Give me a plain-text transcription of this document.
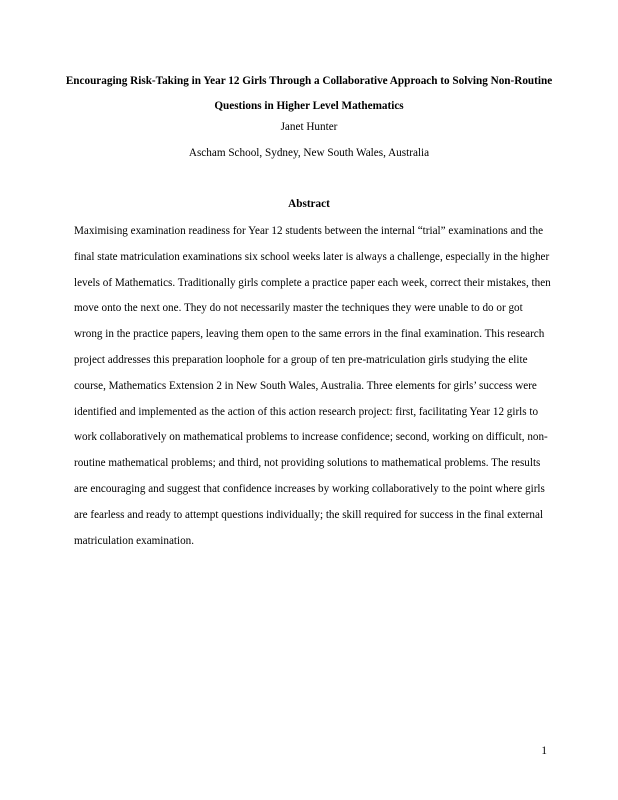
Encouraging Risk-Taking in Year 12 Girls Through a Collaborative Approach to Solving Non-Routine Questions in Higher Level Mathematics

Janet Hunter

Ascham School, Sydney, New South Wales, Australia

Abstract

Maximising examination readiness for Year 12 students between the internal “trial” examinations and the final state matriculation examinations six school weeks later is always a challenge, especially in the higher levels of Mathematics. Traditionally girls complete a practice paper each week, correct their mistakes, then move onto the next one. They do not necessarily master the techniques they were unable to do or got wrong in the practice papers, leaving them open to the same errors in the final examination. This research project addresses this preparation loophole for a group of ten pre-matriculation girls studying the elite course, Mathematics Extension 2 in New South Wales, Australia. Three elements for girls’ success were identified and implemented as the action of this action research project: first, facilitating Year 12 girls to work collaboratively on mathematical problems to increase confidence; second, working on difficult, non-routine mathematical problems; and third, not providing solutions to mathematical problems. The results are encouraging and suggest that confidence increases by working collaboratively to the point where girls are fearless and ready to attempt questions individually; the skill required for success in the final external matriculation examination.

1
